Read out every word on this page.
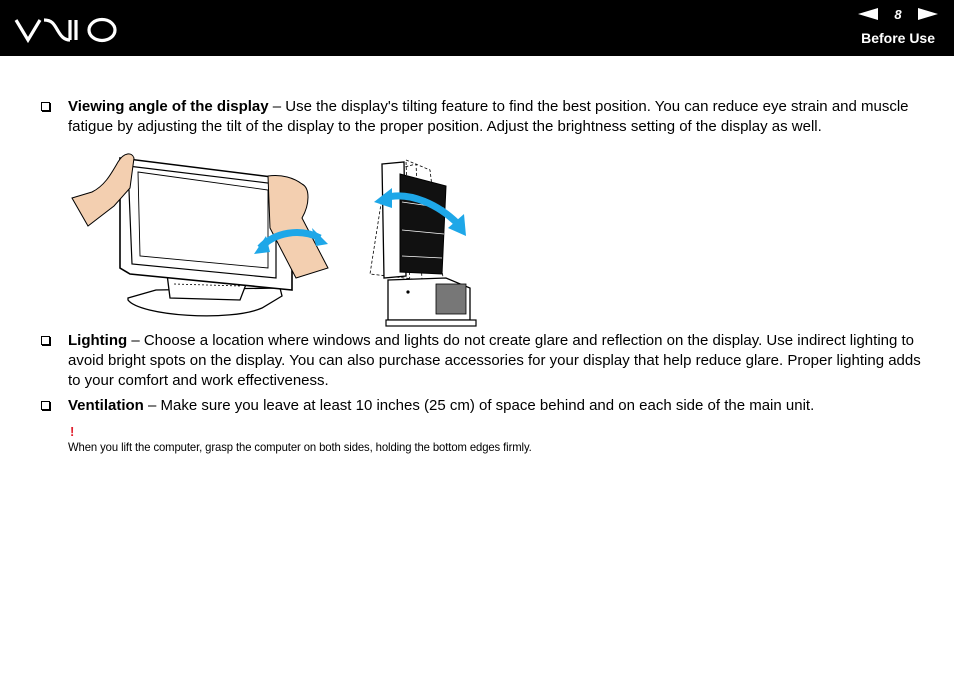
8
Before Use
Viewing angle of the display – Use the display's tilting feature to find the best position. You can reduce eye strain and muscle fatigue by adjusting the tilt of the display to the proper position. Adjust the brightness setting of the display as well.
Lighting – Choose a location where windows and lights do not create glare and reflection on the display. Use indirect lighting to avoid bright spots on the display. You can also purchase accessories for your display that help reduce glare. Proper lighting adds to your comfort and work effectiveness.
Ventilation – Make sure you leave at least 10 inches (25 cm) of space behind and on each side of the main unit.
!
When you lift the computer, grasp the computer on both sides, holding the bottom edges firmly.
